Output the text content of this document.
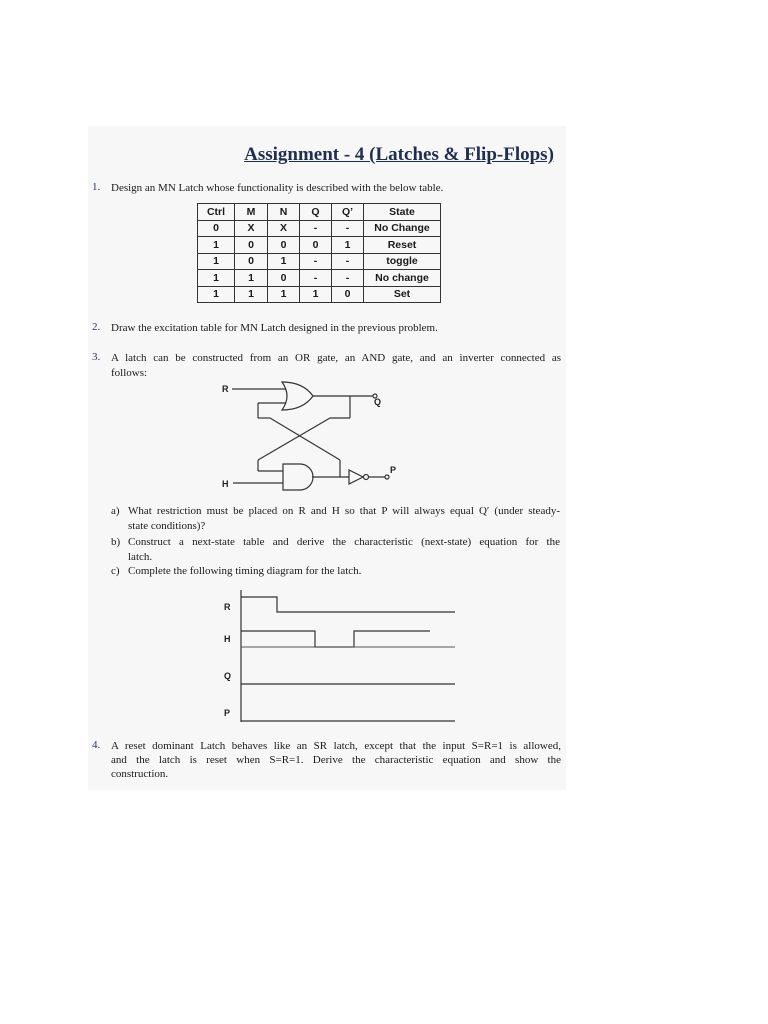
Assignment - 4 (Latches & Flip-Flops)
1. Design an MN Latch whose functionality is described with the below table.
Ctrl	M	N	Q	Q’	State
0	X	X	-	-	No Change
1	0	0	0	1	Reset
1	0	1	-	-	toggle
1	1	0	-	-	No change
1	1	1	1	0	Set
2. Draw the excitation table for MN Latch designed in the previous problem.
3. A latch can be constructed from an OR gate, an AND gate, and an inverter connected as
follows:
R
Q
H
P
a) What restriction must be placed on R and H so that P will always equal Q′ (under steady-
state conditions)?
b) Construct a next-state table and derive the characteristic (next-state) equation for the
latch.
c) Complete the following timing diagram for the latch.
R
H
Q
P
4. A reset dominant Latch behaves like an SR latch, except that the input S=R=1 is allowed,
and the latch is reset when S=R=1. Derive the characteristic equation and show the
construction.
